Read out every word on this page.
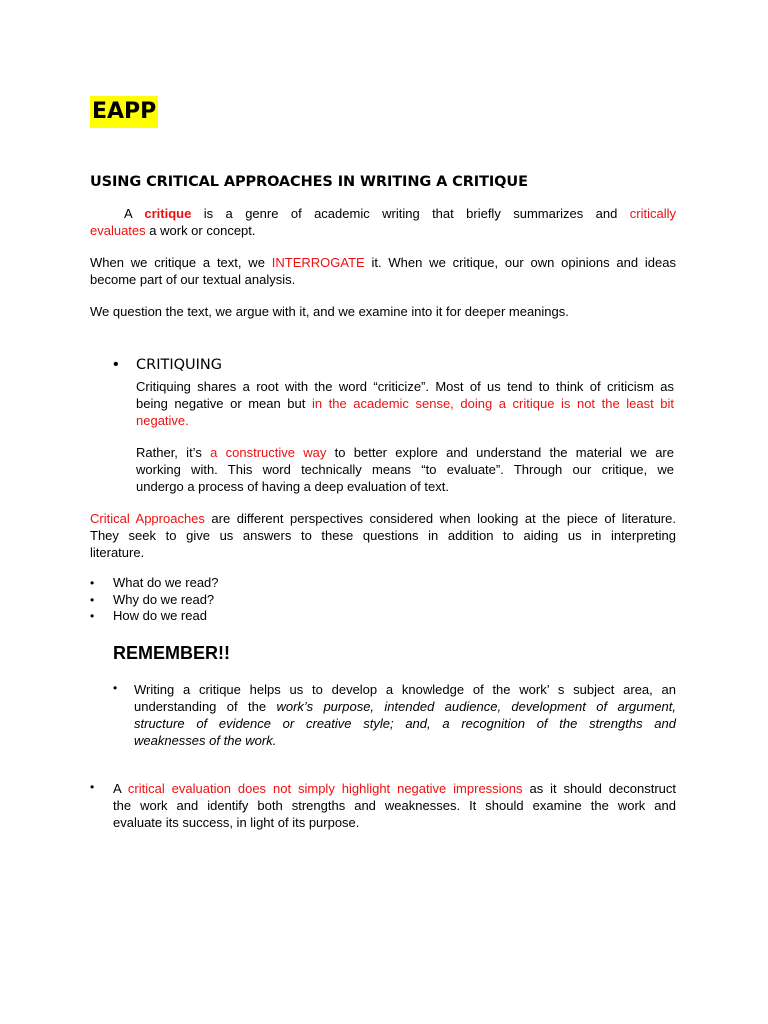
EAPP
USING CRITICAL APPROACHES IN WRITING A CRITIQUE
A critique is a genre of academic writing that briefly summarizes and critically
evaluates a work or concept.
When we critique a text, we INTERROGATE it. When we critique, our own opinions and ideas
become part of our textual analysis.
We question the text, we argue with it, and we examine into it for deeper meanings.
• CRITIQUING
Critiquing shares a root with the word “criticize”. Most of us tend to think of criticism as
being negative or mean but in the academic sense, doing a critique is not the least bit
negative.
Rather, it’s a constructive way to better explore and understand the material we are
working with. This word technically means “to evaluate”. Through our critique, we
undergo a process of having a deep evaluation of text.
Critical Approaches are different perspectives considered when looking at the piece of literature.
They seek to give us answers to these questions in addition to aiding us in interpreting
literature.
•	What do we read?
•	Why do we read?
•	How do we read
REMEMBER!!
• Writing a critique helps us to develop a knowledge of the work’ s subject area, an
understanding of the work’s purpose, intended audience, development of argument,
structure of evidence or creative style; and, a recognition of the strengths and
weaknesses of the work.
• A critical evaluation does not simply highlight negative impressions as it should deconstruct
the work and identify both strengths and weaknesses. It should examine the work and
evaluate its success, in light of its purpose.
